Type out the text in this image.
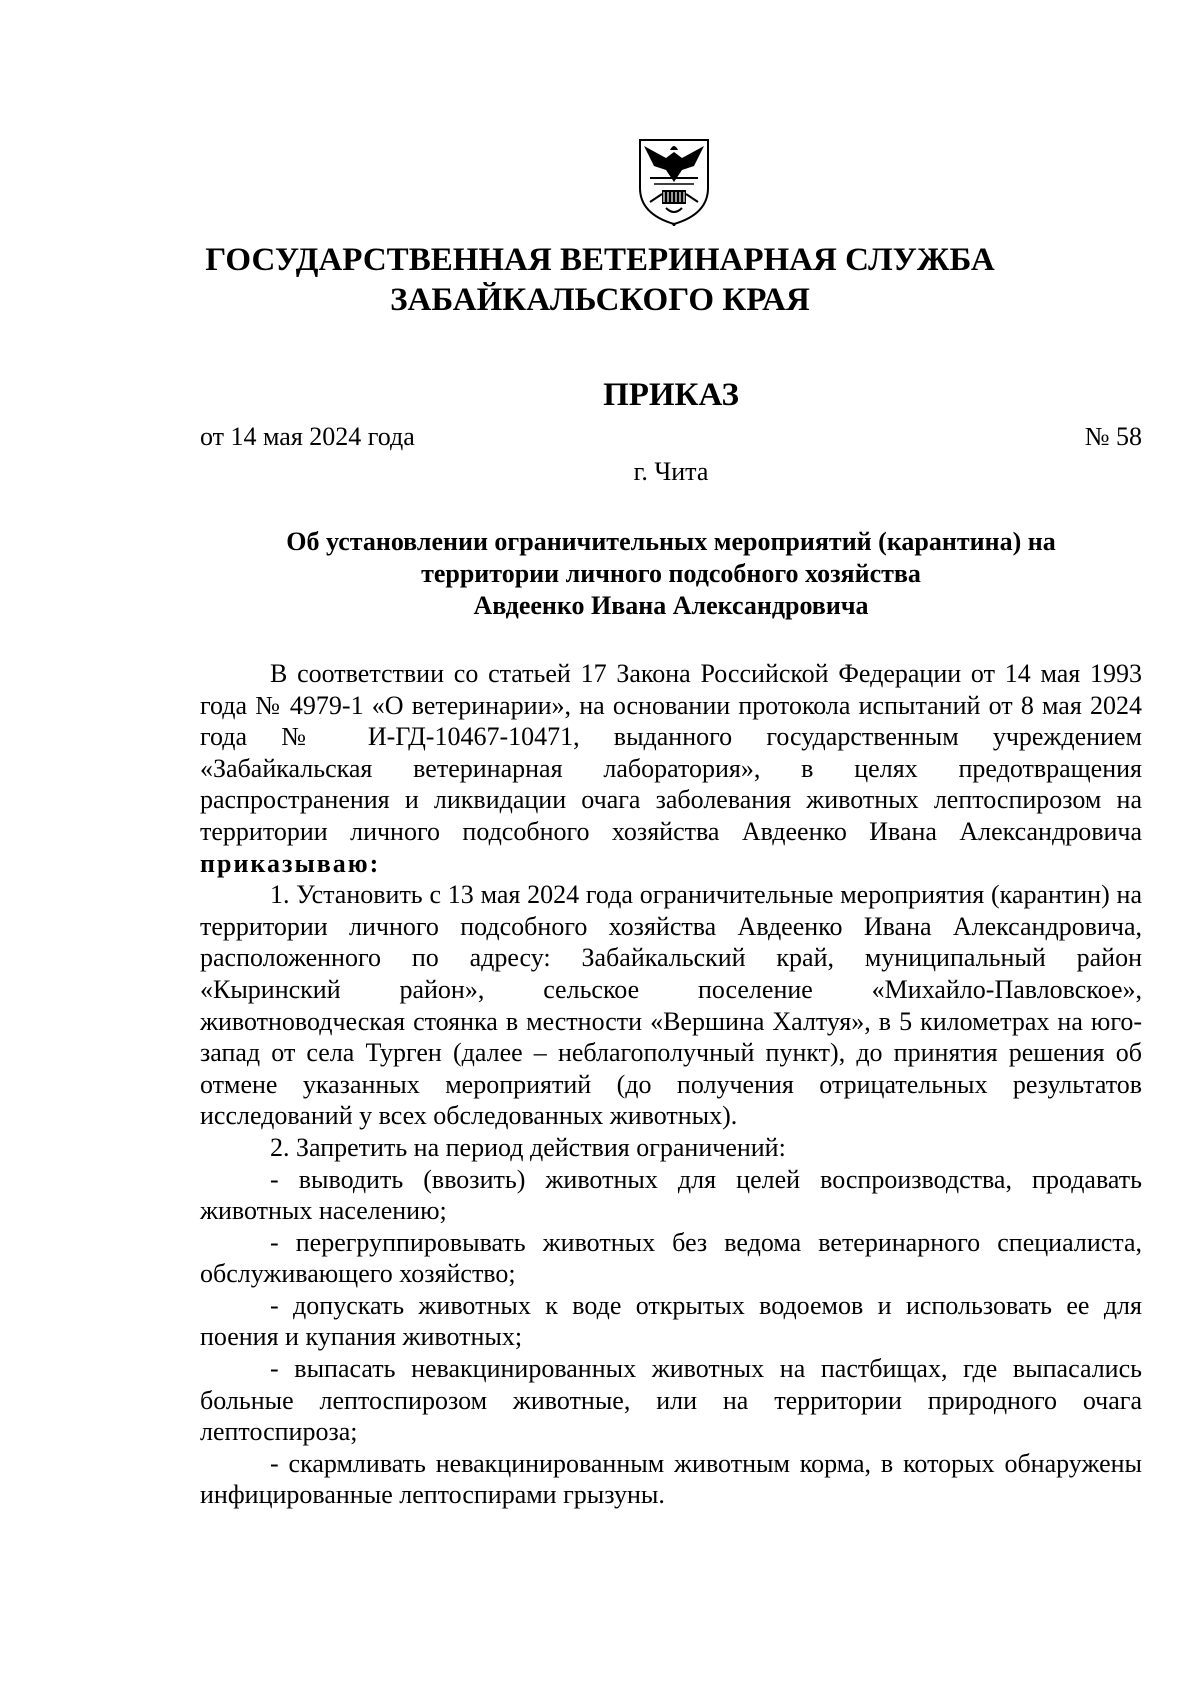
ГОСУДАРСТВЕННАЯ ВЕТЕРИНАРНАЯ СЛУЖБА
ЗАБАЙКАЛЬСКОГО КРАЯ
ПРИКАЗ
от 14 мая 2024 года	№ 58
г. Чита
Об установлении ограничительных мероприятий (карантина) на
территории личного подсобного хозяйства
Авдеенко Ивана Александровича

В соответствии со статьей 17 Закона Российской Федерации от 14 мая 1993 года № 4979-1 «О ветеринарии», на основании протокола испытаний от 8 мая 2024 года № И-ГД-10467-10471, выданного государственным учреждением «Забайкальская ветеринарная лаборатория», в целях предотвращения распространения и ликвидации очага заболевания животных лептоспирозом на территории личного подсобного хозяйства Авдеенко Ивана Александровича приказываю:

1. Установить с 13 мая 2024 года ограничительные мероприятия (карантин) на территории личного подсобного хозяйства Авдеенко Ивана Александровича, расположенного по адресу: Забайкальский край, муниципальный район «Кыринский район», сельское поселение «Михайло-Павловское», животноводческая стоянка в местности «Вершина Халтуя», в 5 километрах на юго-запад от села Турген (далее – неблагополучный пункт), до принятия решения об отмене указанных мероприятий (до получения отрицательных результатов исследований у всех обследованных животных).

2. Запретить на период действия ограничений:

- выводить (ввозить) животных для целей воспроизводства, продавать животных населению;

- перегруппировывать животных без ведома ветеринарного специалиста, обслуживающего хозяйство;

- допускать животных к воде открытых водоемов и использовать ее для поения и купания животных;

- выпасать невакцинированных животных на пастбищах, где выпасались больные лептоспирозом животные, или на территории природного очага лептоспироза;

- скармливать невакцинированным животным корма, в которых обнаружены инфицированные лептоспирами грызуны.
